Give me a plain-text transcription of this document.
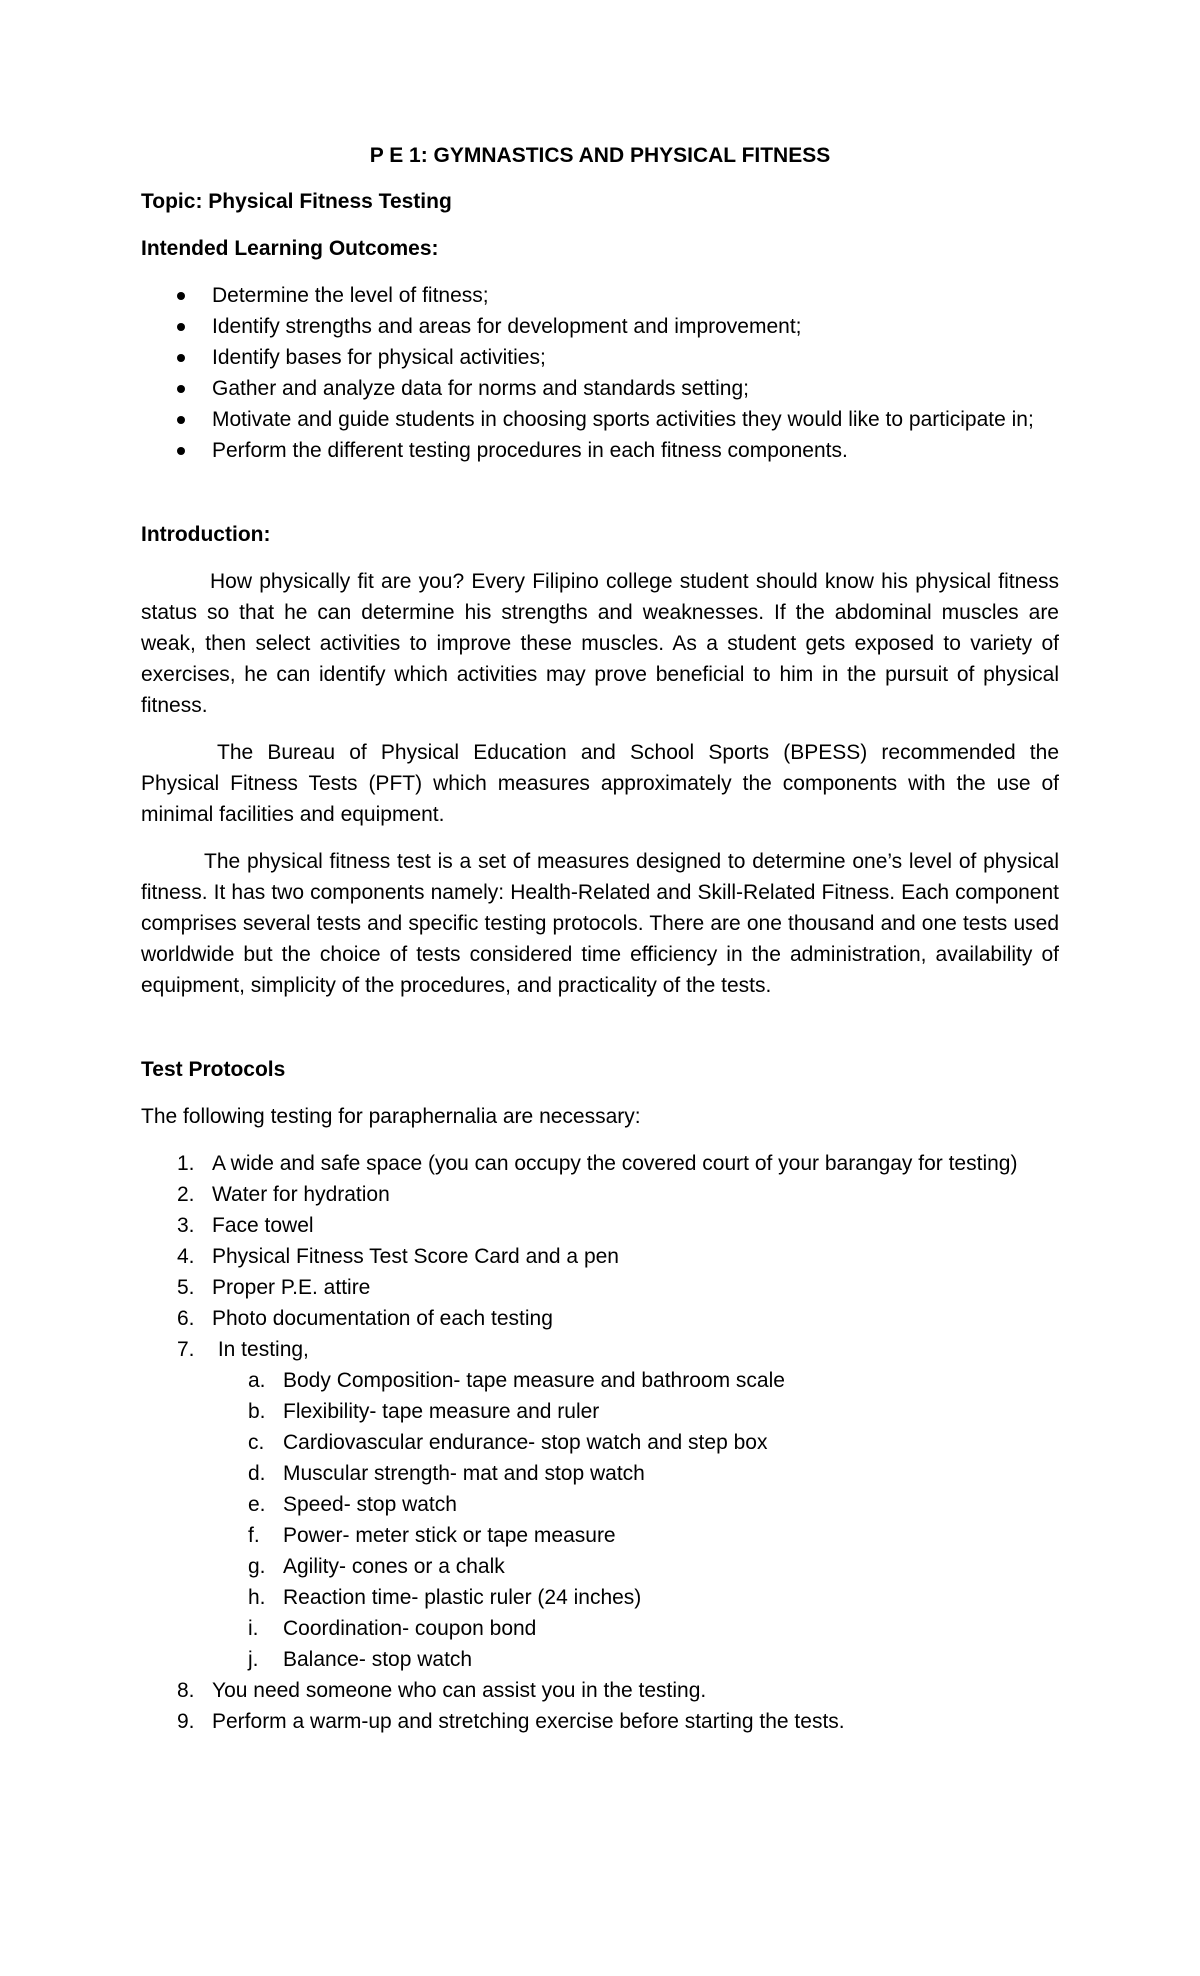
P E 1: GYMNASTICS AND PHYSICAL FITNESS
Topic: Physical Fitness Testing
Intended Learning Outcomes:
Determine the level of fitness;
Identify strengths and areas for development and improvement;
Identify bases for physical activities;
Gather and analyze data for norms and standards setting;
Motivate and guide students in choosing sports activities they would like to participate in;
Perform the different testing procedures in each fitness components.
Introduction:

How physically fit are you? Every Filipino college student should know his physical fitness status so that he can determine his strengths and weaknesses. If the abdominal muscles are weak, then select activities to improve these muscles. As a student gets exposed to variety of exercises, he can identify which activities may prove beneficial to him in the pursuit of physical fitness.

The Bureau of Physical Education and School Sports (BPESS) recommended the Physical Fitness Tests (PFT) which measures approximately the components with the use of minimal facilities and equipment.

The physical fitness test is a set of measures designed to determine one’s level of physical fitness. It has two components namely: Health-Related and Skill-Related Fitness. Each component comprises several tests and specific testing protocols. There are one thousand and one tests used worldwide but the choice of tests considered time efficiency in the administration, availability of equipment, simplicity of the procedures, and practicality of the tests.

Test Protocols

The following testing for paraphernalia are necessary:

1. A wide and safe space (you can occupy the covered court of your barangay for testing)
2. Water for hydration
3. Face towel
4. Physical Fitness Test Score Card and a pen
5. Proper P.E. attire
6. Photo documentation of each testing
7. In testing,
a. Body Composition- tape measure and bathroom scale
b. Flexibility- tape measure and ruler
c. Cardiovascular endurance- stop watch and step box
d. Muscular strength- mat and stop watch
e. Speed- stop watch
f. Power- meter stick or tape measure
g. Agility- cones or a chalk
h. Reaction time- plastic ruler (24 inches)
i. Coordination- coupon bond
j. Balance- stop watch
8. You need someone who can assist you in the testing.
9. Perform a warm-up and stretching exercise before starting the tests.
